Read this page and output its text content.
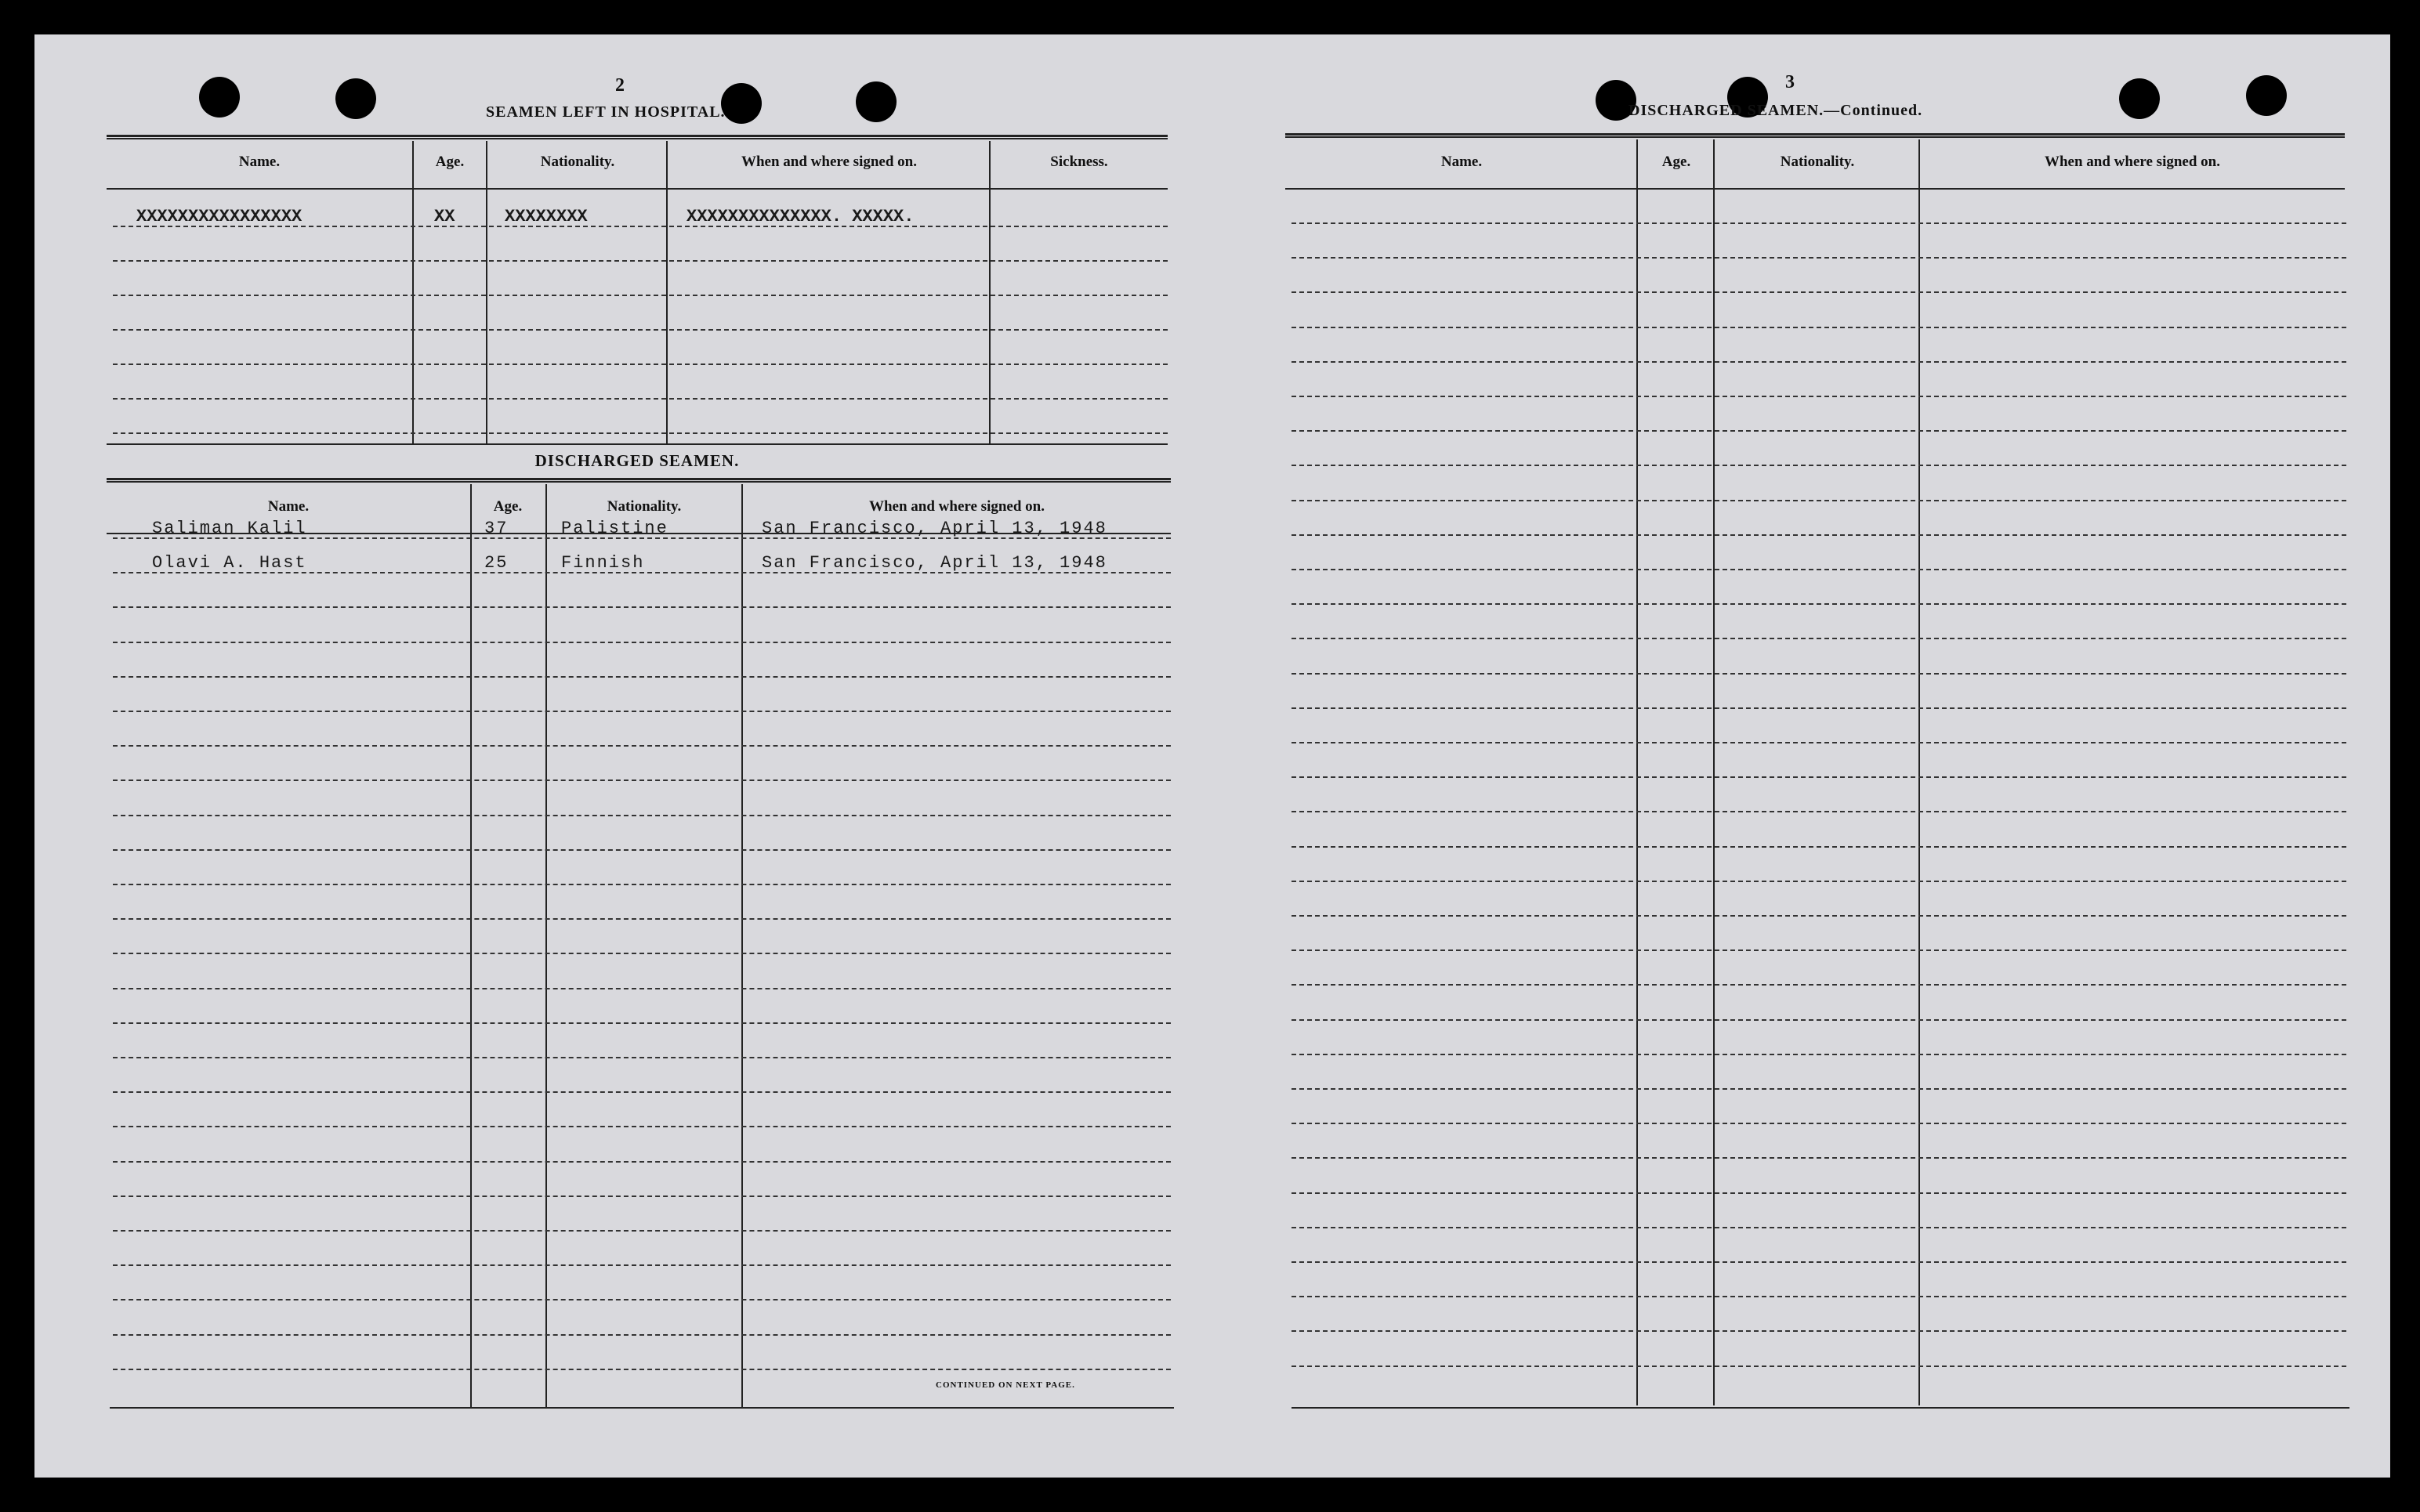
2
SEAMEN LEFT IN HOSPITAL.
Name.	Age.	Nationality.	When and where signed on.	Sickness.
XXXXXXXXXXXXXXXX	XX	XXXXXXXX	XXXXXXXXXXXXXX. XXXXX.
DISCHARGED SEAMEN.
Name.	Age.	Nationality.	When and where signed on.
Saliman Kalil	37	Palistine	San Francisco, April 13, 1948
Olavi A. Hast	25	Finnish	San Francisco, April 13, 1948
CONTINUED ON NEXT PAGE.
3
DISCHARGED SEAMEN.—Continued.
Name.	Age.	Nationality.	When and where signed on.
